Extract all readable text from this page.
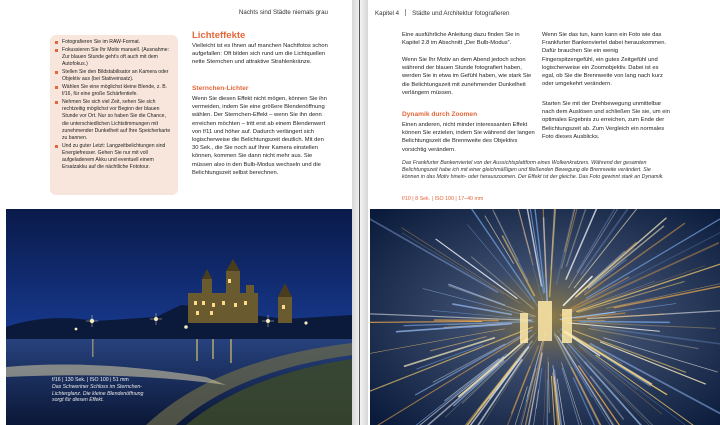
Nachts sind Städte niemals grau
Fotografieren Sie im RAW-Format.
Fokussieren Sie Ihr Motiv manuell. (Ausnahme: Zur blauen Stunde geht’s oft auch mit dem Autofokus.)
Stellen Sie den Bildstabilisator an Kamera oder Objektiv aus (bei Stativeinsatz).
Wählen Sie eine möglichst kleine Blende, z. B. f/16, für eine große Schärfentiefe.
Nehmen Sie sich viel Zeit, sehen Sie sich rechtzeitig möglichst vor Beginn der blauen Stunde vor Ort. Nur so haben Sie die Chance, die unterschiedlichen Lichtstimmungen mit zunehmender Dunkelheit auf Ihre Speicherkarte zu bannen.
Und zu guter Letzt: Langzeitbelichtungen sind Energiefresser. Gehen Sie nur mit voll aufgeladenem Akku und eventuell einem Ersatzakku auf die nächtliche Fototour.
Lichteffekte
Vielleicht ist es Ihnen auf manchen Nachtfotos schon aufgefallen: Oft bilden sich rund um die Lichtquellen nette Sternchen und attraktive Strahlenkränze.
Sternchen-Lichter
Wenn Sie diesen Effekt nicht mögen, können Sie ihn vermeiden, indem Sie eine größere Blendenöffnung wählen. Der Sternchen-Effekt – wenn Sie ihn denn erreichen möchten – tritt erst ab einem Blendenwert von f/11 und höher auf. Dadurch verlängert sich logischerweise die Belichtungszeit deutlich. Mit den 30 Sek., die Sie noch auf Ihrer Kamera einstellen können, kommen Sie dann nicht mehr aus. Sie müssen also in den Bulb-Modus wechseln und die Belichtungszeit selbst berechnen.
f/16 | 130 Sek. | ISO 100 | 51 mm
Das Schweriner Schloss im Sternchen-Lichterglanz. Die kleine Blendenöffnung sorgt für diesen Effekt.
Kapitel 4 Städte und Architektur fotografieren
Eine ausführliche Anleitung dazu finden Sie in Kapitel 2.8 im Abschnitt „Der Bulb-Modus“.
Wenn Sie Ihr Motiv an dem Abend jedoch schon während der blauen Stunde fotografiert haben, werden Sie in etwa im Gefühl haben, wie stark Sie die Belichtungszeit mit zunehmender Dunkelheit verlängern müssen.
Dynamik durch Zoomen
Einen anderen, nicht minder interessanten Effekt können Sie erzielen, indem Sie während der langen Belichtungszeit die Brennweite des Objektivs vorsichtig verändern.
Wenn Sie das tun, kann kann ein Foto wie das Frankfurter Bankenviertel dabei herauskommen. Dafür brauchen Sie ein wenig Fingerspitzengefühl, ein gutes Zeitgefühl und logischerweise ein Zoomobjektiv. Dabei ist es egal, ob Sie die Brennweite von lang nach kurz oder umgekehrt verändern.
Starten Sie mit der Drehbewegung unmittelbar nach dem Auslösen und schließen Sie sie, um ein optimales Ergebnis zu erreichen, zum Ende der Belichtungszeit ab. Zum Vergleich ein normales Foto dieses Ausblicks.
Das Frankfurter Bankenviertel von der Aussichtsplattform eines Wolkenkratzers. Während der gesamten Belichtungszeit habe ich mit einer gleichmäßigen und fließenden Bewegung die Brennweite verändert. Sie können in das Motiv hinein- oder herauszoomen. Der Effekt ist der gleiche. Das Foto gewinnt stark an Dynamik.
f/10 | 8 Sek. | ISO 100 | 17–40 mm
